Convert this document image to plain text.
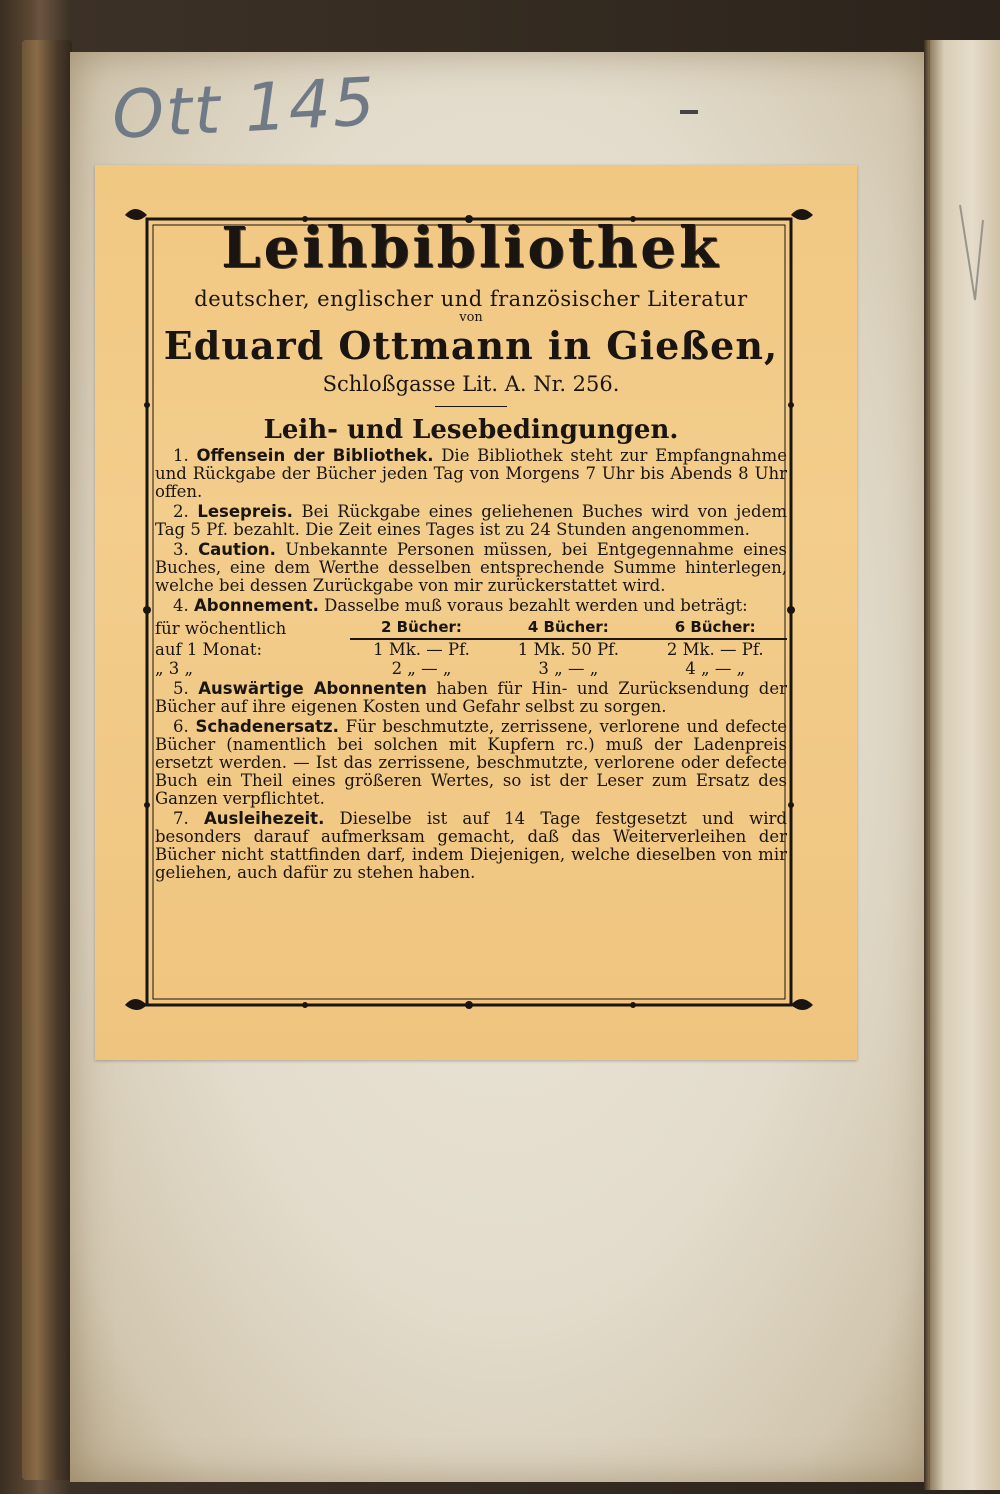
Ott 145
Leihbibliothek
deutscher, englischer und französischer Literatur
von
Eduard Ottmann in Gießen,
Schloßgasse Lit. A. Nr. 256.
Leih- und Lesebedingungen.

1. Offensein der Bibliothek. Die Bibliothek steht zur Empfangnahme und Rückgabe der Bücher jeden Tag von Morgens 7 Uhr bis Abends 8 Uhr offen.

2. Lesepreis. Bei Rückgabe eines geliehenen Buches wird von jedem Tag 5 Pf. bezahlt. Die Zeit eines Tages ist zu 24 Stunden angenommen.

3. Caution. Unbekannte Personen müssen, bei Entgegennahme eines Buches, eine dem Werthe desselben entsprechende Summe hinterlegen, welche bei dessen Zurückgabe von mir zurückerstattet wird.

4. Abonnement. Dasselbe muß voraus bezahlt werden und beträgt:

für wöchentlich	2 Bücher:	4 Bücher:	6 Bücher:
auf 1 Monat:	1 Mk. — Pf.	1 Mk. 50 Pf.	2 Mk. — Pf.
„ 3 „	2 „ — „	3 „ — „	4 „ — „

5. Auswärtige Abonnenten haben für Hin- und Zurücksendung der Bücher auf ihre eigenen Kosten und Gefahr selbst zu sorgen.

6. Schadenersatz. Für beschmutzte, zerrissene, verlorene und defecte Bücher (namentlich bei solchen mit Kupfern rc.) muß der Ladenpreis ersetzt werden. — Ist das zerrissene, beschmutzte, verlorene oder defecte Buch ein Theil eines größeren Wertes, so ist der Leser zum Ersatz des Ganzen verpflichtet.

7. Ausleihezeit. Dieselbe ist auf 14 Tage festgesetzt und wird besonders darauf aufmerksam gemacht, daß das Weiterverleihen der Bücher nicht stattfinden darf, indem Diejenigen, welche dieselben von mir geliehen, auch dafür zu stehen haben.
